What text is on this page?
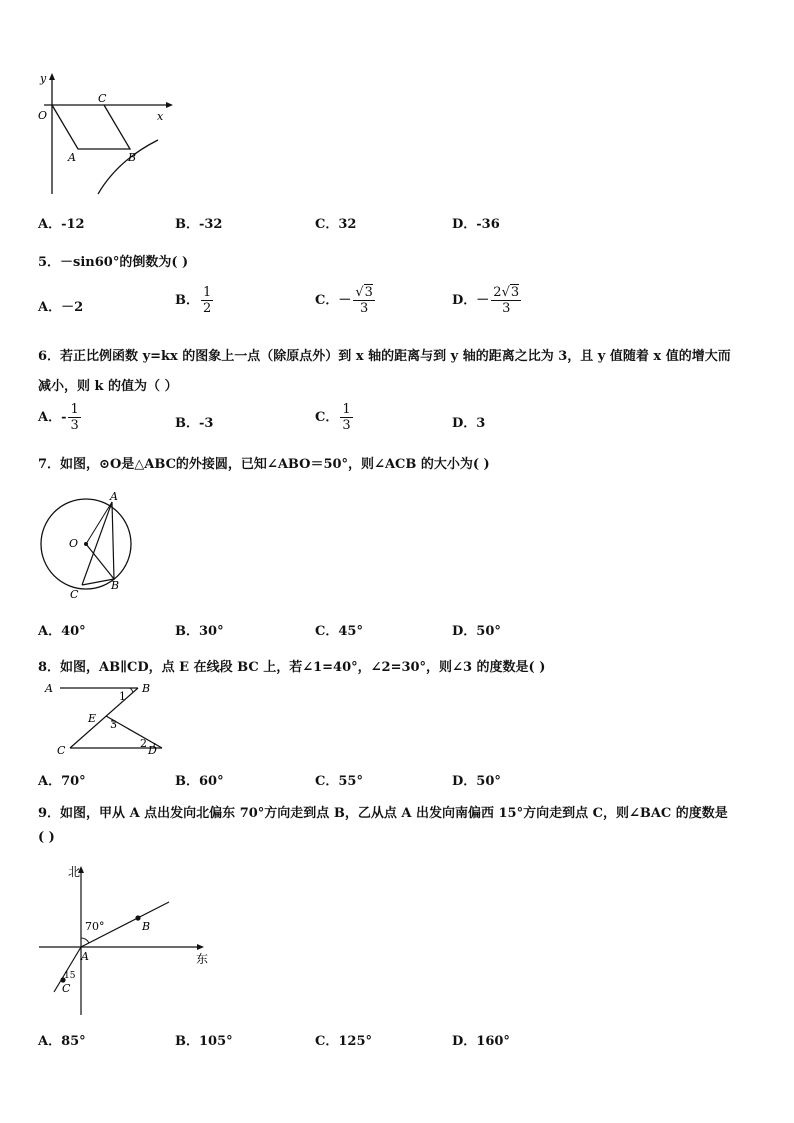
y
x
O
C
A	B
A．-12	B．-32	C．32	D．-36
5．－sin60°的倒数为( )
A．－2	B． $\frac{1}{2}$	C．－ $\frac{√3}{3}$	D．－ $\frac{2√3}{3}$
6．若正比例函数 y=kx 的图象上一点（除原点外）到 x 轴的距离与到 y 轴的距离之比为 3，且 y 值随着 x 值的增大而
减小，则 k 的值为（ ）
A．- $\frac{1}{3}$	B．-3	C． $\frac{1}{3}$	D．3
7．如图，⊙O是△ABC的外接圆，已知∠ABO＝50°，则∠ACB 的大小为( )
A
O
B
C
A．40°	B．30°	C．45°	D．50°
8．如图，AB∥CD，点 E 在线段 BC 上，若∠1=40°，∠2=30°，则∠3 的度数是( )
A	B
1
E 3
C
2
D
A．70°	B．60°	C．55°	D．50°
9．如图，甲从 A 点出发向北偏东 70°方向走到点 B，乙从点 A 出发向南偏西 15°方向走到点 C，则∠BAC 的度数是
( )
北
东
70°	B
A
15
C
A．85°	B．105°	C．125°	D．160°
